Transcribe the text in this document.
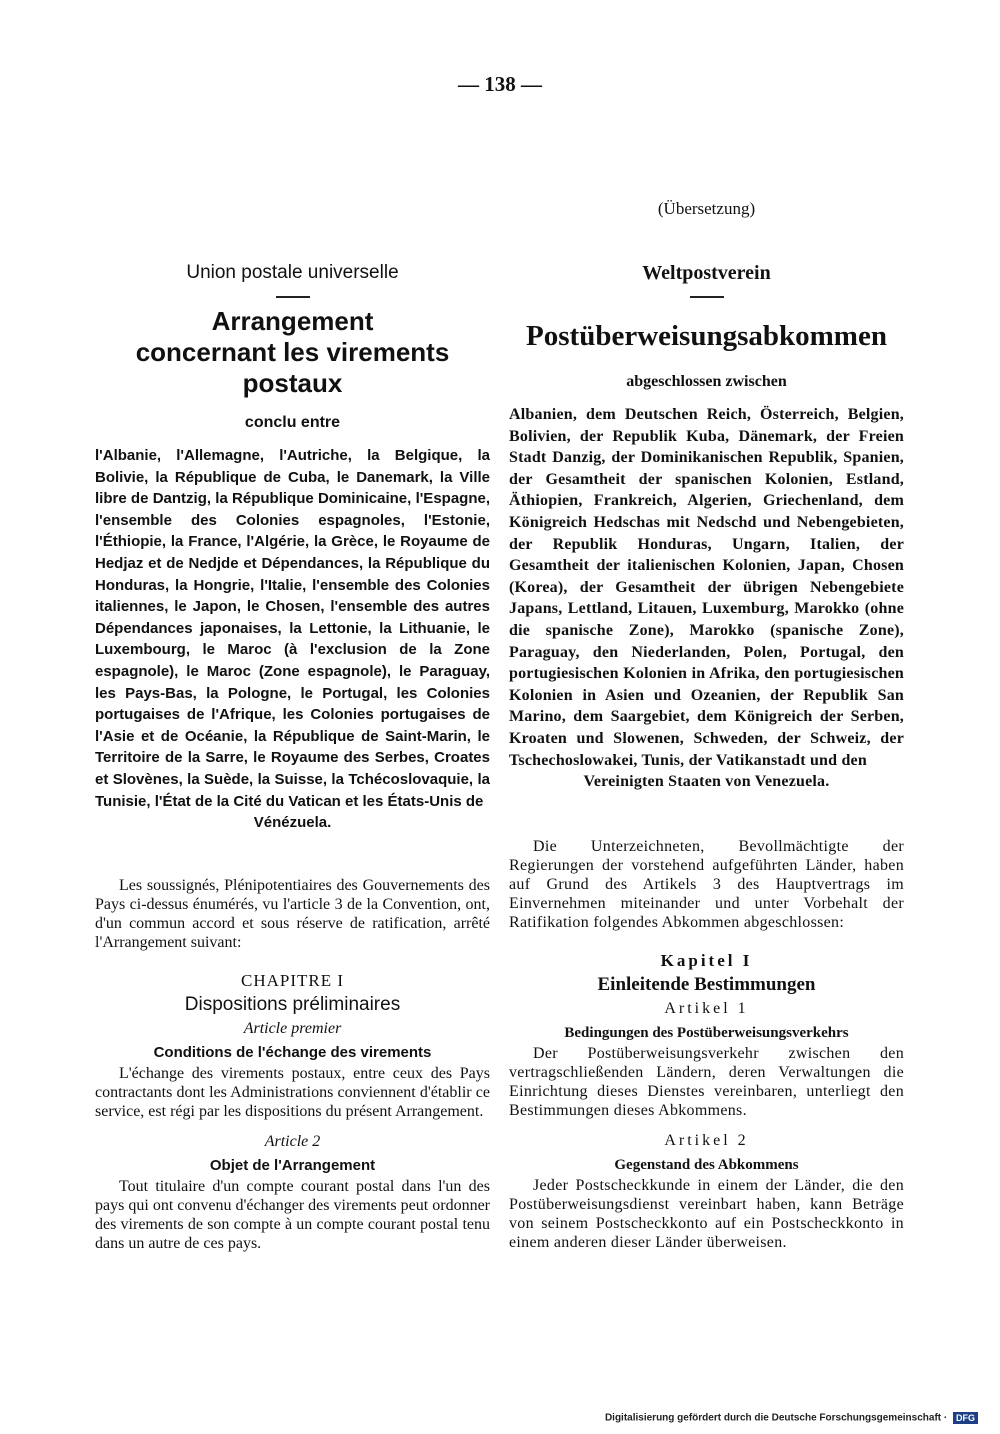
— 138 —
Union postale universelle
Arrangement
concernant les virements postaux
conclu entre
l'Albanie, l'Allemagne, l'Autriche, la Belgique, la Bolivie, la République de Cuba, le Danemark, la Ville libre de Dantzig, la République Dominicaine, l'Espagne, l'ensemble des Colonies espagnoles, l'Estonie, l'Éthiopie, la France, l'Algérie, la Grèce, le Royaume de Hedjaz et de Nedjde et Dépendances, la République du Honduras, la Hongrie, l'Italie, l'ensemble des Colonies italiennes, le Japon, le Chosen, l'ensemble des autres Dépendances japonaises, la Lettonie, la Lithuanie, le Luxembourg, le Maroc (à l'exclusion de la Zone espagnole), le Maroc (Zone espagnole), le Paraguay, les Pays-Bas, la Pologne, le Portugal, les Colonies portugaises de l'Afrique, les Colonies portugaises de l'Asie et de Océanie, la République de Saint-Marin, le Territoire de la Sarre, le Royaume des Serbes, Croates et Slovènes, la Suède, la Suisse, la Tchécoslovaquie, la Tunisie, l'État de la Cité du Vatican et les États-Unis de
Vénézuela.
Les soussignés, Plénipotentiaires des Gouvernements des Pays ci-dessus énumérés, vu l'article 3 de la Convention, ont, d'un commun accord et sous réserve de ratification, arrêté l'Arrangement suivant:
CHAPITRE I
Dispositions préliminaires
Article premier
Conditions de l'échange des virements
L'échange des virements postaux, entre ceux des Pays contractants dont les Administrations conviennent d'établir ce service, est régi par les dispositions du présent Arrangement.
Article 2
Objet de l'Arrangement
Tout titulaire d'un compte courant postal dans l'un des pays qui ont convenu d'échanger des virements peut ordonner des virements de son compte à un compte courant postal tenu dans un autre de ces pays.
(Übersetzung)
Weltpostverein
Postüberweisungsabkommen
abgeschlossen zwischen
Albanien, dem Deutschen Reich, Österreich, Belgien, Bolivien, der Republik Kuba, Dänemark, der Freien Stadt Danzig, der Dominikanischen Republik, Spanien, der Gesamtheit der spanischen Kolonien, Estland, Äthiopien, Frankreich, Algerien, Griechenland, dem Königreich Hedschas mit Nedschd und Nebengebieten, der Republik Honduras, Ungarn, Italien, der Gesamtheit der italienischen Kolonien, Japan, Chosen (Korea), der Gesamtheit der übrigen Nebengebiete Japans, Lettland, Litauen, Luxemburg, Marokko (ohne die spanische Zone), Marokko (spanische Zone), Paraguay, den Niederlanden, Polen, Portugal, den portugiesischen Kolonien in Afrika, den portugiesischen Kolonien in Asien und Ozeanien, der Republik San Marino, dem Saargebiet, dem Königreich der Serben, Kroaten und Slowenen, Schweden, der Schweiz, der Tschechoslowakei, Tunis, der Vatikanstadt und den
Vereinigten Staaten von Venezuela.
Die Unterzeichneten, Bevollmächtigte der Regierungen der vorstehend aufgeführten Länder, haben auf Grund des Artikels 3 des Hauptvertrags im Einvernehmen miteinander und unter Vorbehalt der Ratifikation folgendes Abkommen abgeschlossen:
Kapitel I
Einleitende Bestimmungen
Artikel 1
Bedingungen des Postüberweisungsverkehrs
Der Postüberweisungsverkehr zwischen den vertragschließenden Ländern, deren Verwaltungen die Einrichtung dieses Dienstes vereinbaren, unterliegt den Bestimmungen dieses Abkommens.
Artikel 2
Gegenstand des Abkommens
Jeder Postscheckkunde in einem der Länder, die den Postüberweisungsdienst vereinbart haben, kann Beträge von seinem Postscheckkonto auf ein Postscheckkonto in einem anderen dieser Länder überweisen.
Digitalisierung gefördert durch die Deutsche Forschungsgemeinschaft · DFG
